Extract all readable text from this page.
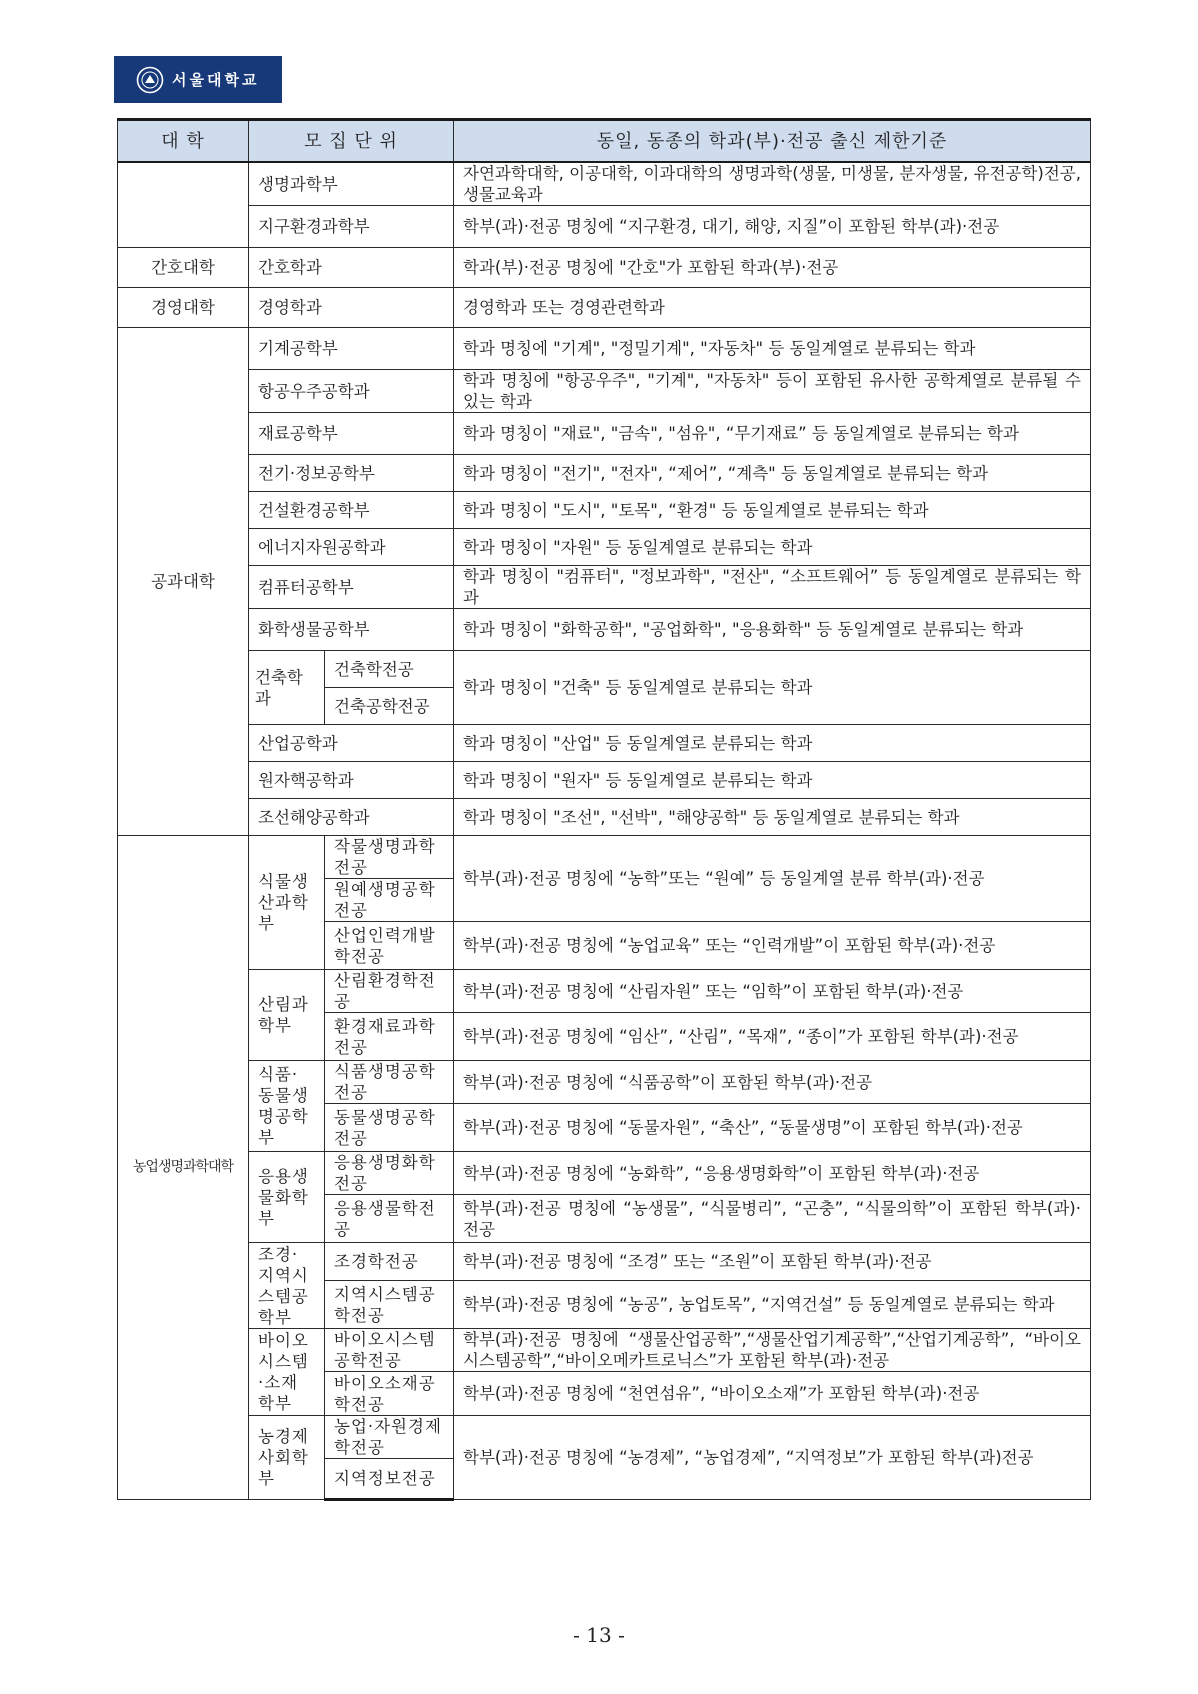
서울대학교
대 학	모 집 단 위		동일, 동종의 학과(부)·전공 출신 제한기준
	생명과학부		자연과학대학, 이공대학, 이과대학의 생명과학(생물, 미생물, 분자생물, 유전공학)전공, 생물교육과
	지구환경과학부		학부(과)·전공 명칭에 “지구환경, 대기, 해양, 지질”이 포함된 학부(과)·전공
간호대학	간호학과		학과(부)·전공 명칭에 "간호"가 포함된 학과(부)·전공
경영대학	경영학과		경영학과 또는 경영관련학과
공과대학	기계공학부		학과 명칭에 "기계", "정밀기계", "자동차" 등 동일계열로 분류되는 학과
	항공우주공학과		학과 명칭에 "항공우주", "기계", "자동차" 등이 포함된 유사한 공학계열로 분류될 수 있는 학과
	재료공학부		학과 명칭이 "재료", "금속", "섬유", “무기재료” 등 동일계열로 분류되는 학과
	전기·정보공학부		학과 명칭이 "전기", "전자", “제어”, “계측" 등 동일계열로 분류되는 학과
	건설환경공학부		학과 명칭이 "도시", "토목", “환경" 등 동일계열로 분류되는 학과
	에너지자원공학과		학과 명칭이 "자원" 등 동일계열로 분류되는 학과
	컴퓨터공학부		학과 명칭이 "컴퓨터", "정보과학", "전산", “소프트웨어” 등 동일계열로 분류되는 학과
	화학생물공학부		학과 명칭이 "화학공학", "공업화학", "응용화학" 등 동일계열로 분류되는 학과
	건축학과	건축학전공	학과 명칭이 "건축" 등 동일계열로 분류되는 학과
		건축공학전공	
	산업공학과		학과 명칭이 "산업" 등 동일계열로 분류되는 학과
	원자핵공학과		학과 명칭이 "원자" 등 동일계열로 분류되는 학과
	조선해양공학과		학과 명칭이 "조선", "선박", "해양공학" 등 동일계열로 분류되는 학과
농업생명과학대학	식물생산과학부	작물생명과학전공	학부(과)·전공 명칭에 “농학”또는 “원예” 등 동일계열 분류 학부(과)·전공
		원예생명공학전공	
		산업인력개발학전공	학부(과)·전공 명칭에 “농업교육” 또는 “인력개발”이 포함된 학부(과)·전공
	산림과학부	산림환경학전공	학부(과)·전공 명칭에 “산림자원” 또는 “임학”이 포함된 학부(과)·전공
		환경재료과학전공	학부(과)·전공 명칭에 “임산”, “산림”, “목재”, “종이”가 포함된 학부(과)·전공
	식품·동물생명공학부	식품생명공학전공	학부(과)·전공 명칭에 “식품공학”이 포함된 학부(과)·전공
		동물생명공학전공	학부(과)·전공 명칭에 “동물자원”, “축산”, “동물생명”이 포함된 학부(과)·전공
	응용생물화학부	응용생명화학전공	학부(과)·전공 명칭에 “농화학”, “응용생명화학”이 포함된 학부(과)·전공
		응용생물학전공	학부(과)·전공 명칭에 “농생물”, “식물병리”, “곤충”, “식물의학”이 포함된 학부(과)·전공
	조경·지역시스템공학부	조경학전공	학부(과)·전공 명칭에 “조경” 또는 “조원”이 포함된 학부(과)·전공
		지역시스템공학전공	학부(과)·전공 명칭에 “농공”, 농업토목”, “지역건설” 등 동일계열로 분류되는 학과
	바이오시스템·소재학부	바이오시스템공학전공	학부(과)·전공 명칭에 “생물산업공학”,“생물산업기계공학”,“산업기계공학”, “바이오시스템공학”,“바이오메카트로닉스”가 포함된 학부(과)·전공
		바이오소재공학전공	학부(과)·전공 명칭에 “천연섬유”, “바이오소재”가 포함된 학부(과)·전공
	농경제사회학부	농업·자원경제학전공	학부(과)·전공 명칭에 “농경제”, “농업경제”, “지역정보”가 포함된 학부(과)전공
		지역정보전공	
- 13 -
